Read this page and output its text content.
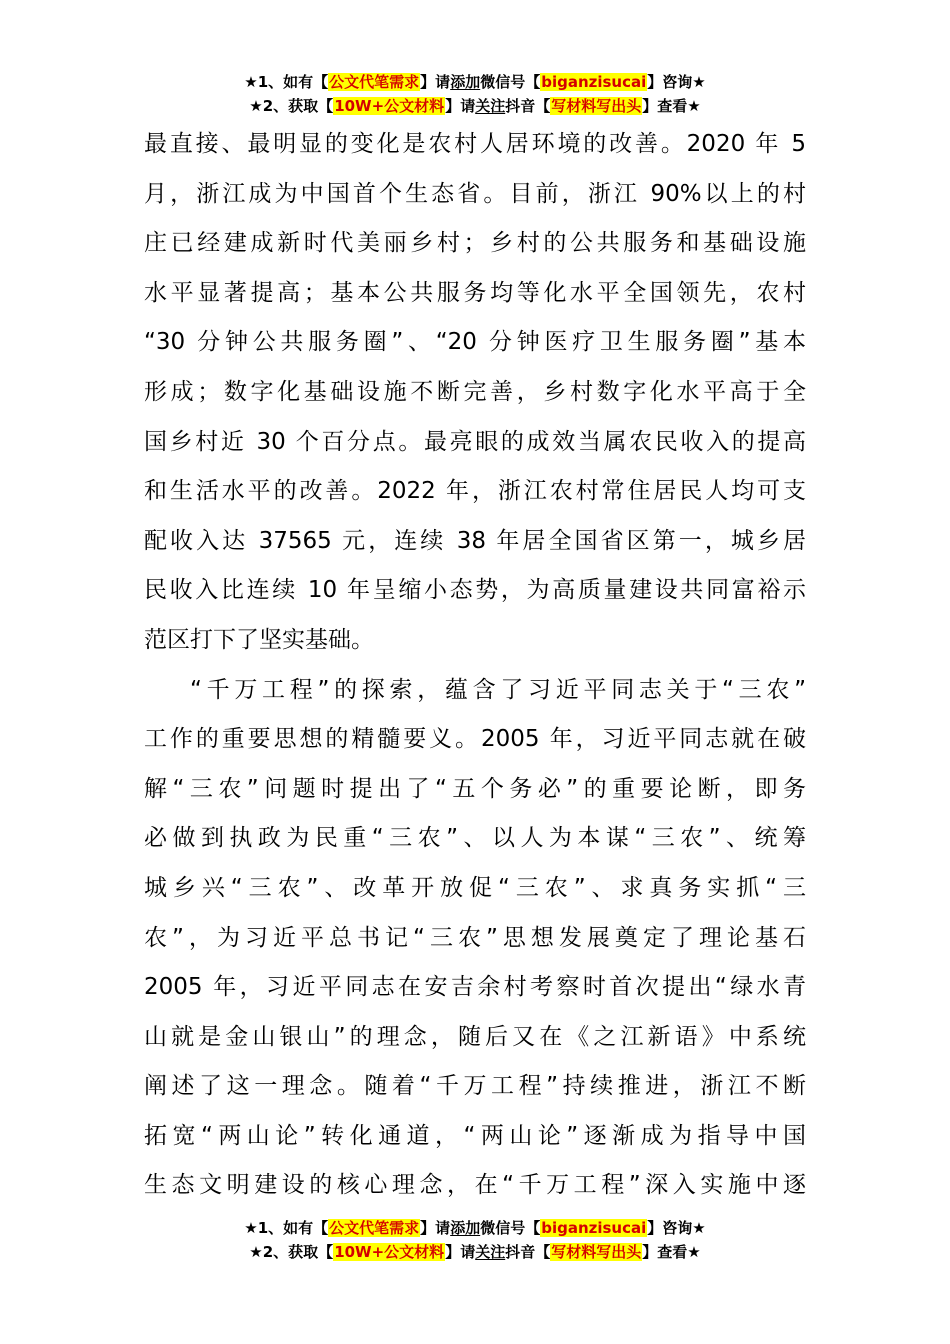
★1、如有【公文代笔需求】请添加微信号【biganzisucai】咨询★
★2、获取【10W+公文材料】请关注抖音【写材料写出头】查看★
最直接、最明显的变化是农村人居环境的改善。2020 年 5
月，浙江成为中国首个生态省。目前，浙江 90%以上的村
庄已经建成新时代美丽乡村；乡村的公共服务和基础设施
水平显著提高；基本公共服务均等化水平全国领先，农村
“30 分钟公共服务圈”、“20 分钟医疗卫生服务圈”基本
形成；数字化基础设施不断完善，乡村数字化水平高于全
国乡村近 30 个百分点。最亮眼的成效当属农民收入的提高
和生活水平的改善。2022 年，浙江农村常住居民人均可支
配收入达 37565 元，连续 38 年居全国省区第一，城乡居
民收入比连续 10 年呈缩小态势，为高质量建设共同富裕示
范区打下了坚实基础。
“千万工程”的探索，蕴含了习近平同志关于“三农”
工作的重要思想的精髓要义。2005 年，习近平同志就在破
解“三农”问题时提出了“五个务必”的重要论断，即务
必做到执政为民重“三农”、以人为本谋“三农”、统筹
城乡兴“三农”、改革开放促“三农”、求真务实抓“三
农”，为习近平总书记“三农”思想发展奠定了理论基石
2005 年，习近平同志在安吉余村考察时首次提出“绿水青
山就是金山银山”的理念，随后又在《之江新语》中系统
阐述了这一理念。随着“千万工程”持续推进，浙江不断
拓宽“两山论”转化通道，“两山论”逐渐成为指导中国
生态文明建设的核心理念，在“千万工程”深入实施中逐
★1、如有【公文代笔需求】请添加微信号【biganzisucai】咨询★
★2、获取【10W+公文材料】请关注抖音【写材料写出头】查看★
